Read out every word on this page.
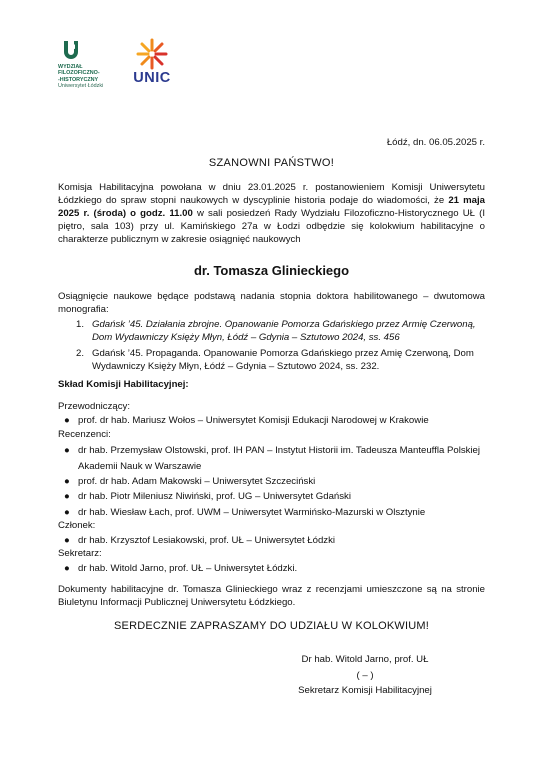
WYDZIAŁ
FILOZOFICZNO-
-HISTORYCZNY
Uniwersytet Łódzki
UNIC
Łódź, dn. 06.05.2025 r.
SZANOWNI PAŃSTWO!
Komisja Habilitacyjna powołana w dniu 23.01.2025 r. postanowieniem Komisji Uniwersytetu Łódzkiego do spraw stopni naukowych w dyscyplinie historia podaje do wiadomości, że 21 maja 2025 r. (środa) o godz. 11.00 w sali posiedzeń Rady Wydziału Filozoficzno-Historycznego UŁ (I piętro, sala 103) przy ul. Kamińskiego 27a w Łodzi odbędzie się kolokwium habilitacyjne o charakterze publicznym w zakresie osiągnięć naukowych
dr. Tomasza Glinieckiego
Osiągnięcie naukowe będące podstawą nadania stopnia doktora habilitowanego – dwutomowa monografia:
1. Gdańsk ’45. Działania zbrojne. Opanowanie Pomorza Gdańskiego przez Armię Czerwoną, Dom Wydawniczy Księży Młyn, Łódź – Gdynia – Sztutowo 2024, ss. 456
2. Gdańsk ’45. Propaganda. Opanowanie Pomorza Gdańskiego przez Amię Czerwoną, Dom Wydawniczy Księży Młyn, Łódź – Gdynia – Sztutowo 2024, ss. 232.
Skład Komisji Habilitacyjnej:
Przewodniczący:
● prof. dr hab. Mariusz Wołos – Uniwersytet Komisji Edukacji Narodowej w Krakowie
Recenzenci:
● dr hab. Przemysław Olstowski, prof. IH PAN – Instytut Historii im. Tadeusza Manteuffla Polskiej Akademii Nauk w Warszawie
● prof. dr hab. Adam Makowski – Uniwersytet Szczeciński
● dr hab. Piotr Mileniusz Niwiński, prof. UG – Uniwersytet Gdański
● dr hab. Wiesław Łach, prof. UWM – Uniwersytet Warmińsko-Mazurski w Olsztynie
Członek:
● dr hab. Krzysztof Lesiakowski, prof. UŁ – Uniwersytet Łódzki
Sekretarz:
● dr hab. Witold Jarno, prof. UŁ – Uniwersytet Łódzki.
Dokumenty habilitacyjne dr. Tomasza Glinieckiego wraz z recenzjami umieszczone są na stronie Biuletynu Informacji Publicznej Uniwersytetu Łódzkiego.
SERDECZNIE ZAPRASZAMY DO UDZIAŁU W KOLOKWIUM!
Dr hab. Witold Jarno, prof. UŁ
( – )
Sekretarz Komisji Habilitacyjnej
